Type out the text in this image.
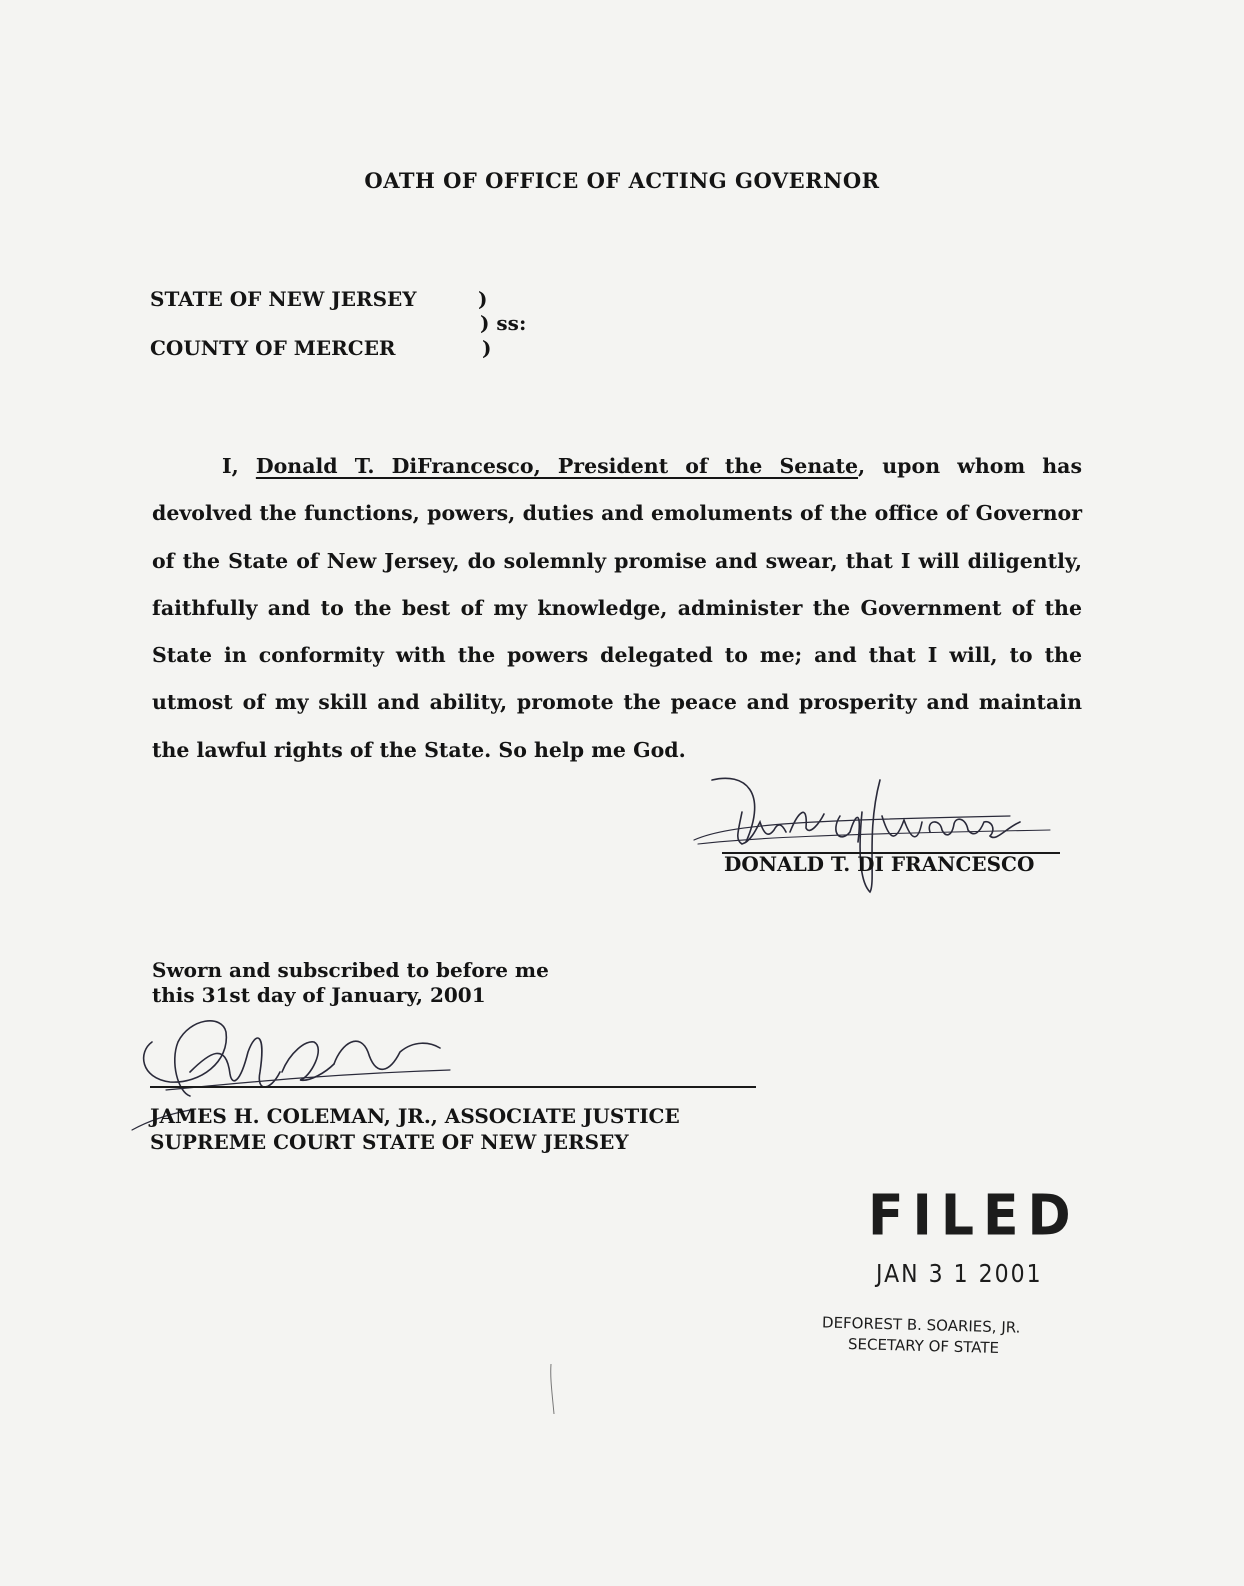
OATH OF OFFICE OF ACTING GOVERNOR
STATE OF NEW JERSEY
COUNTY OF MERCER
)
) ss:
)
I, Donald T. DiFrancesco, President of the Senate, upon whom has devolved the functions, powers, duties and emoluments of the office of Governor of the State of New Jersey, do solemnly promise and swear, that I will diligently, faithfully and to the best of my knowledge, administer the Government of the State in conformity with the powers delegated to me; and that I will, to the utmost of my skill and ability, promote the peace and prosperity and maintain the lawful rights of the State. So help me God.
DONALD T. DI FRANCESCO
Sworn and subscribed to before me
this 31st day of January, 2001
JAMES H. COLEMAN, JR., ASSOCIATE JUSTICE
SUPREME COURT STATE OF NEW JERSEY
FILED
JAN 3 1 2001
DEFOREST B. SOARIES, JR.
SECETARY OF STATE
